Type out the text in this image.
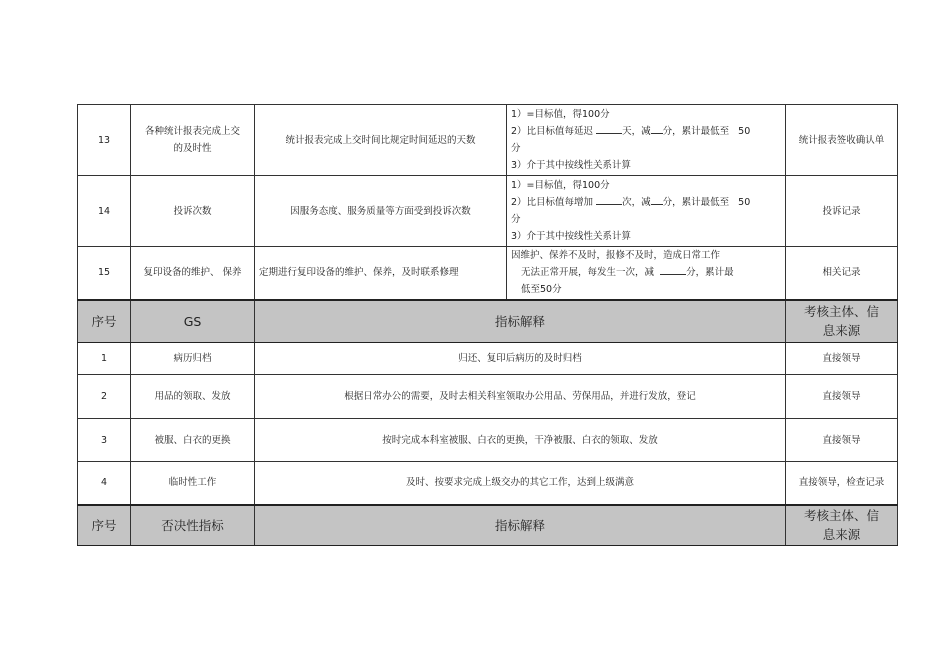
13	各种统计报表完成上交的及时性	统计报表完成上交时间比规定时间延迟的天数	1）=目标值，得100分
2）比目标值每延迟 天，减 分，累计最低至 50
分
3）介于其中按线性关系计算	统计报表签收确认单
14	投诉次数	因服务态度、服务质量等方面受到投诉次数	1）=目标值，得100分
2）比目标值每增加 次，减 分，累计最低至 50
分
3）介于其中按线性关系计算	投诉记录
15	复印设备的维护、 保养	定期进行复印设备的维护、保养，及时联系修理	因维护、保养不及时，报修不及时，造成日常工作
无法正常开展，每发生一次，减 分，累计最
低至50分	相关记录
序号	GS	指标解释		考核主体、信息来源
1	病历归档	归还、复印后病历的及时归档		直接领导
2	用品的领取、发放	根据日常办公的需要，及时去相关科室领取办公用品、劳保用品，并进行发放，登记		直接领导
3	被服、白衣的更换	按时完成本科室被服、白衣的更换，干净被服、白衣的领取、发放		直接领导
4	临时性工作	及时、按要求完成上级交办的其它工作，达到上级满意		直接领导，检查记录
序号	否决性指标	指标解释		考核主体、信息来源
